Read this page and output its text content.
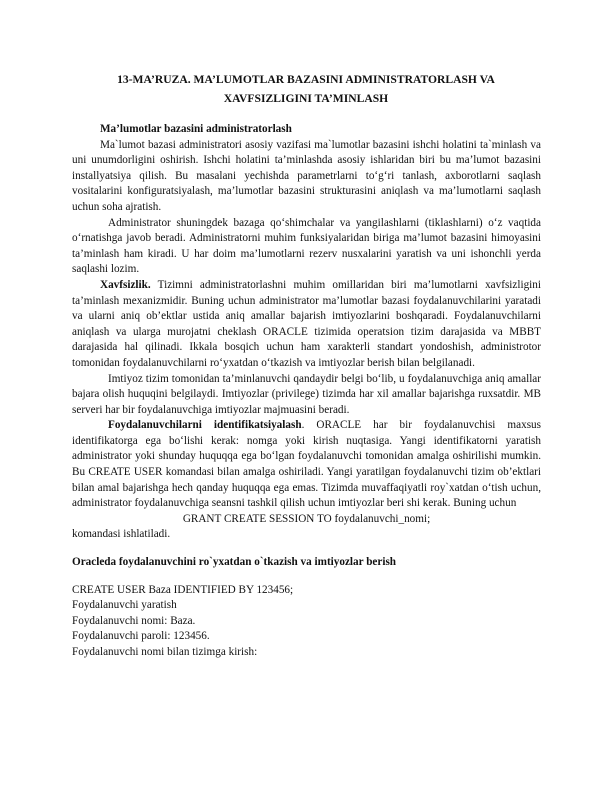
13-MA’RUZA. MA’LUMOTLAR BAZASINI ADMINISTRATORLASH VA
XAVFSIZLIGINI TA’MINLASH

Ma’lumotlar bazasini administratorlash

Ma`lumot bazasi administratori asosiy vazifasi ma`lumotlar bazasini ishchi holatini ta`minlash va uni unumdorligini oshirish. Ishchi holatini ta’minlashda asosiy ishlaridan biri bu ma’lumot bazasini installyatsiya qilish. Bu masalani yechishda parametrlarni to‘g‘ri tanlash, axborotlarni saqlash vositalarini konfiguratsiyalash, ma’lumotlar bazasini strukturasini aniqlash va ma’lumotlarni saqlash uchun soha ajratish.

Administrator shuningdek bazaga qo‘shimchalar va yangilashlarni (tiklashlarni) o‘z vaqtida o‘rnatishga javob beradi. Administratorni muhim funksiyalaridan biriga ma’lumot bazasini himoyasini ta’minlash ham kiradi. U har doim ma’lumotlarni rezerv nusxalarini yaratish va uni ishonchli yerda saqlashi lozim.

Xavfsizlik. Tizimni administratorlashni muhim omillaridan biri ma’lumotlarni xavfsizligini ta’minlash mexanizmidir. Buning uchun administrator ma’lumotlar bazasi foydalanuvchilarini yaratadi va ularni aniq ob’ektlar ustida aniq amallar bajarish imtiyozlarini boshqaradi. Foydalanuvchilarni aniqlash va ularga murojatni cheklash ORACLE tizimida operatsion tizim darajasida va MBBT darajasida hal qilinadi. Ikkala bosqich uchun ham xarakterli standart yondoshish, administrotor tomonidan foydalanuvchilarni ro‘yxatdan o‘tkazish va imtiyozlar berish bilan belgilanadi.

Imtiyoz tizim tomonidan ta’minlanuvchi qandaydir belgi bo‘lib, u foydalanuvchiga aniq amallar bajara olish huquqini belgilaydi. Imtiyozlar (privilege) tizimda har xil amallar bajarishga ruxsatdir. MB serveri har bir foydalanuvchiga imtiyozlar majmuasini beradi.

Foydalanuvchilarni identifikatsiyalash. ORACLE har bir foydalanuvchisi maxsus identifikatorga ega bo‘lishi kerak: nomga yoki kirish nuqtasiga. Yangi identifikatorni yaratish administrator yoki shunday huquqqa ega bo‘lgan foydalanuvchi tomonidan amalga oshirilishi mumkin. Bu CREATE USER komandasi bilan amalga oshiriladi. Yangi yaratilgan foydalanuvchi tizim ob’ektlari bilan amal bajarishga hech qanday huquqqa ega emas. Tizimda muvaffaqiyatli roy`xatdan o‘tish uchun, administrator foydalanuvchiga seansni tashkil qilish uchun imtiyozlar beri shi kerak. Buning uchun

GRANT CREATE SESSION TO foydalanuvchi_nomi;

komandasi ishlatiladi.

Oracleda foydalanuvchini ro`yxatdan o`tkazish va imtiyozlar berish

CREATE USER Baza IDENTIFIED BY 123456;

Foydalanuvchi yaratish

Foydalanuvchi nomi: Baza.

Foydalanuvchi paroli: 123456.

Foydalanuvchi nomi bilan tizimga kirish:
